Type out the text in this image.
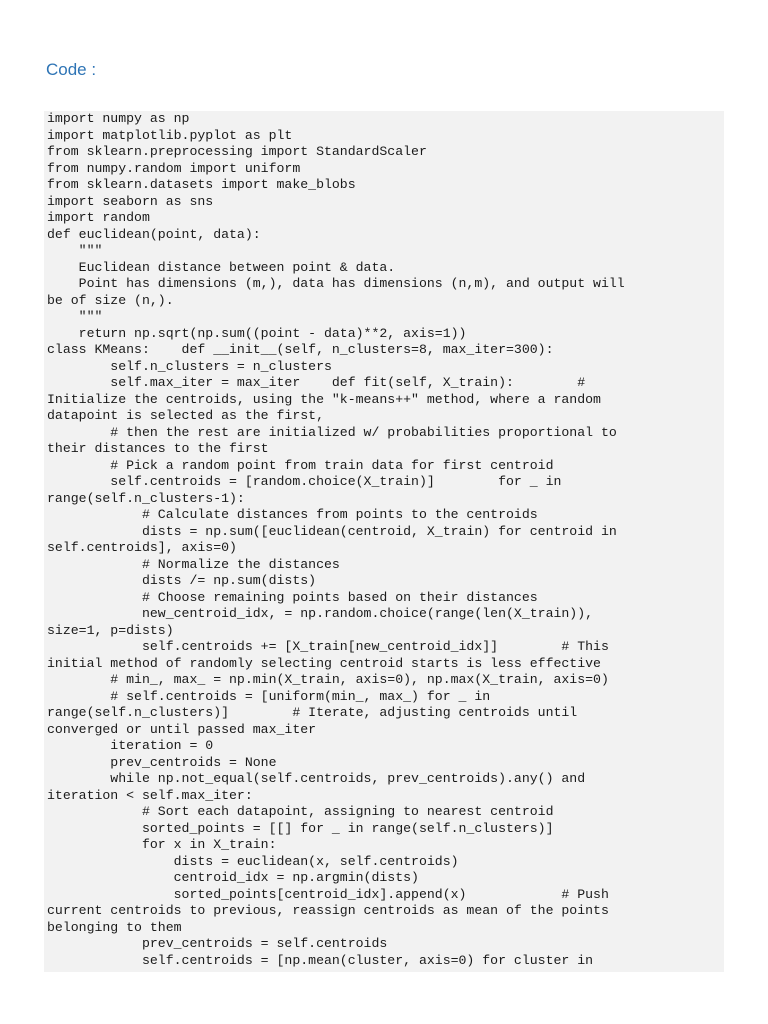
Code :
import numpy as np
import matplotlib.pyplot as plt
from sklearn.preprocessing import StandardScaler
from numpy.random import uniform
from sklearn.datasets import make_blobs
import seaborn as sns
import random
def euclidean(point, data):
"""
Euclidean distance between point & data.
Point has dimensions (m,), data has dimensions (n,m), and output will
be of size (n,).
"""
return np.sqrt(np.sum((point - data)**2, axis=1))
class KMeans:    def __init__(self, n_clusters=8, max_iter=300):
self.n_clusters = n_clusters
self.max_iter = max_iter    def fit(self, X_train):        #
Initialize the centroids, using the "k-means++" method, where a random
datapoint is selected as the first,
# then the rest are initialized w/ probabilities proportional to
their distances to the first
# Pick a random point from train data for first centroid
self.centroids = [random.choice(X_train)]        for _ in
range(self.n_clusters-1):
# Calculate distances from points to the centroids
dists = np.sum([euclidean(centroid, X_train) for centroid in
self.centroids], axis=0)
# Normalize the distances
dists /= np.sum(dists)
# Choose remaining points based on their distances
new_centroid_idx, = np.random.choice(range(len(X_train)),
size=1, p=dists)
self.centroids += [X_train[new_centroid_idx]]        # This
initial method of randomly selecting centroid starts is less effective
# min_, max_ = np.min(X_train, axis=0), np.max(X_train, axis=0)
# self.centroids = [uniform(min_, max_) for _ in
range(self.n_clusters)]        # Iterate, adjusting centroids until
converged or until passed max_iter
iteration = 0
prev_centroids = None
while np.not_equal(self.centroids, prev_centroids).any() and
iteration < self.max_iter:
# Sort each datapoint, assigning to nearest centroid
sorted_points = [[] for _ in range(self.n_clusters)]
for x in X_train:
dists = euclidean(x, self.centroids)
centroid_idx = np.argmin(dists)
sorted_points[centroid_idx].append(x)            # Push
current centroids to previous, reassign centroids as mean of the points
belonging to them
prev_centroids = self.centroids
self.centroids = [np.mean(cluster, axis=0) for cluster in
